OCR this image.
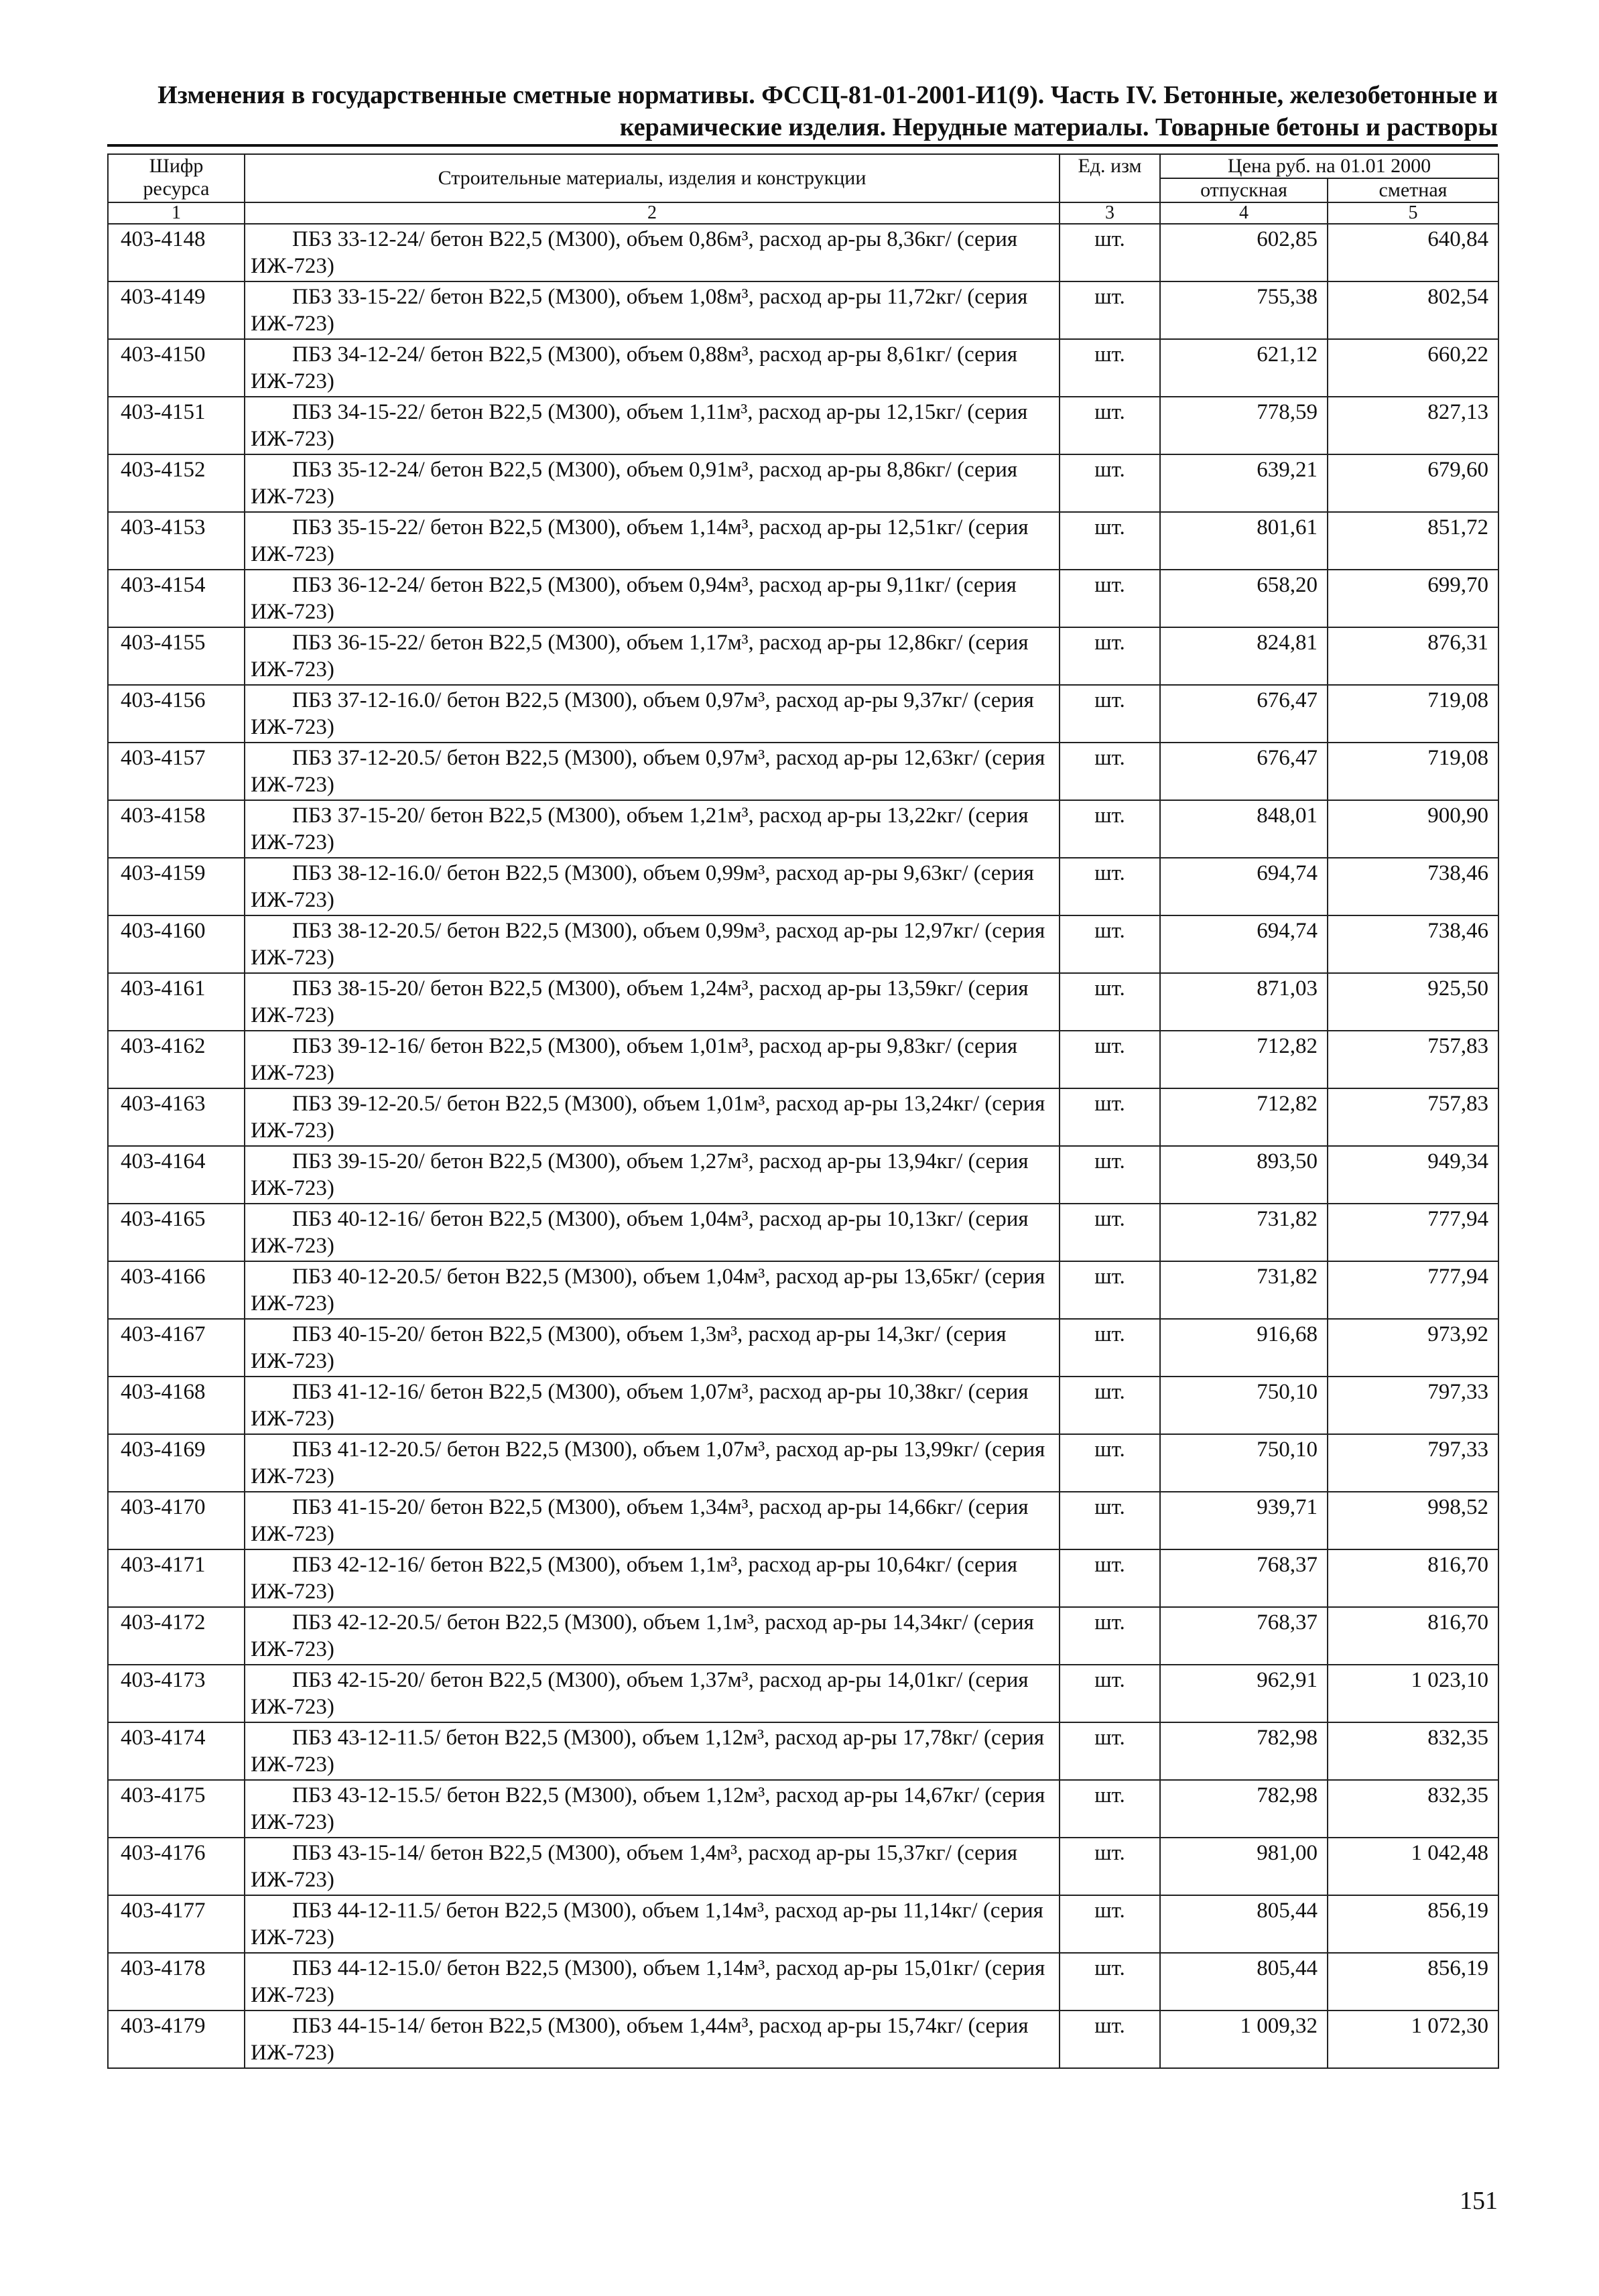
Изменения в государственные сметные нормативы. ФССЦ-81-01-2001-И1(9). Часть IV. Бетонные, железобетонные и
керамические изделия. Нерудные материалы. Товарные бетоны и растворы
Шифр ресурса	Строительные материалы, изделия и конструкции	Ед. изм	Цена руб. на 01.01 2000	
			отпускная	сметная
1	2	3	4	5
403-4148	ПБЗ 33-12-24/ бетон В22,5 (М300), объем 0,86м³, расход ар-ры 8,36кг/ (серия ИЖ-723)	шт.	602,85	640,84
403-4149	ПБЗ 33-15-22/ бетон В22,5 (М300), объем 1,08м³, расход ар-ры 11,72кг/ (серия ИЖ-723)	шт.	755,38	802,54
403-4150	ПБЗ 34-12-24/ бетон В22,5 (М300), объем 0,88м³, расход ар-ры 8,61кг/ (серия ИЖ-723)	шт.	621,12	660,22
403-4151	ПБЗ 34-15-22/ бетон В22,5 (М300), объем 1,11м³, расход ар-ры 12,15кг/ (серия ИЖ-723)	шт.	778,59	827,13
403-4152	ПБЗ 35-12-24/ бетон В22,5 (М300), объем 0,91м³, расход ар-ры 8,86кг/ (серия ИЖ-723)	шт.	639,21	679,60
403-4153	ПБЗ 35-15-22/ бетон В22,5 (М300), объем 1,14м³, расход ар-ры 12,51кг/ (серия ИЖ-723)	шт.	801,61	851,72
403-4154	ПБЗ 36-12-24/ бетон В22,5 (М300), объем 0,94м³, расход ар-ры 9,11кг/ (серия ИЖ-723)	шт.	658,20	699,70
403-4155	ПБЗ 36-15-22/ бетон В22,5 (М300), объем 1,17м³, расход ар-ры 12,86кг/ (серия ИЖ-723)	шт.	824,81	876,31
403-4156	ПБЗ 37-12-16.0/ бетон В22,5 (М300), объем 0,97м³, расход ар-ры 9,37кг/ (серия ИЖ-723)	шт.	676,47	719,08
403-4157	ПБЗ 37-12-20.5/ бетон В22,5 (М300), объем 0,97м³, расход ар-ры 12,63кг/ (серия ИЖ-723)	шт.	676,47	719,08
403-4158	ПБЗ 37-15-20/ бетон В22,5 (М300), объем 1,21м³, расход ар-ры 13,22кг/ (серия ИЖ-723)	шт.	848,01	900,90
403-4159	ПБЗ 38-12-16.0/ бетон В22,5 (М300), объем 0,99м³, расход ар-ры 9,63кг/ (серия ИЖ-723)	шт.	694,74	738,46
403-4160	ПБЗ 38-12-20.5/ бетон В22,5 (М300), объем 0,99м³, расход ар-ры 12,97кг/ (серия ИЖ-723)	шт.	694,74	738,46
403-4161	ПБЗ 38-15-20/ бетон В22,5 (М300), объем 1,24м³, расход ар-ры 13,59кг/ (серия ИЖ-723)	шт.	871,03	925,50
403-4162	ПБЗ 39-12-16/ бетон В22,5 (М300), объем 1,01м³, расход ар-ры 9,83кг/ (серия ИЖ-723)	шт.	712,82	757,83
403-4163	ПБЗ 39-12-20.5/ бетон В22,5 (М300), объем 1,01м³, расход ар-ры 13,24кг/ (серия ИЖ-723)	шт.	712,82	757,83
403-4164	ПБЗ 39-15-20/ бетон В22,5 (М300), объем 1,27м³, расход ар-ры 13,94кг/ (серия ИЖ-723)	шт.	893,50	949,34
403-4165	ПБЗ 40-12-16/ бетон В22,5 (М300), объем 1,04м³, расход ар-ры 10,13кг/ (серия ИЖ-723)	шт.	731,82	777,94
403-4166	ПБЗ 40-12-20.5/ бетон В22,5 (М300), объем 1,04м³, расход ар-ры 13,65кг/ (серия ИЖ-723)	шт.	731,82	777,94
403-4167	ПБЗ 40-15-20/ бетон В22,5 (М300), объем 1,3м³, расход ар-ры 14,3кг/ (серия ИЖ-723)	шт.	916,68	973,92
403-4168	ПБЗ 41-12-16/ бетон В22,5 (М300), объем 1,07м³, расход ар-ры 10,38кг/ (серия ИЖ-723)	шт.	750,10	797,33
403-4169	ПБЗ 41-12-20.5/ бетон В22,5 (М300), объем 1,07м³, расход ар-ры 13,99кг/ (серия ИЖ-723)	шт.	750,10	797,33
403-4170	ПБЗ 41-15-20/ бетон В22,5 (М300), объем 1,34м³, расход ар-ры 14,66кг/ (серия ИЖ-723)	шт.	939,71	998,52
403-4171	ПБЗ 42-12-16/ бетон В22,5 (М300), объем 1,1м³, расход ар-ры 10,64кг/ (серия ИЖ-723)	шт.	768,37	816,70
403-4172	ПБЗ 42-12-20.5/ бетон В22,5 (М300), объем 1,1м³, расход ар-ры 14,34кг/ (серия ИЖ-723)	шт.	768,37	816,70
403-4173	ПБЗ 42-15-20/ бетон В22,5 (М300), объем 1,37м³, расход ар-ры 14,01кг/ (серия ИЖ-723)	шт.	962,91	1 023,10
403-4174	ПБЗ 43-12-11.5/ бетон В22,5 (М300), объем 1,12м³, расход ар-ры 17,78кг/ (серия ИЖ-723)	шт.	782,98	832,35
403-4175	ПБЗ 43-12-15.5/ бетон В22,5 (М300), объем 1,12м³, расход ар-ры 14,67кг/ (серия ИЖ-723)	шт.	782,98	832,35
403-4176	ПБЗ 43-15-14/ бетон В22,5 (М300), объем 1,4м³, расход ар-ры 15,37кг/ (серия ИЖ-723)	шт.	981,00	1 042,48
403-4177	ПБЗ 44-12-11.5/ бетон В22,5 (М300), объем 1,14м³, расход ар-ры 11,14кг/ (серия ИЖ-723)	шт.	805,44	856,19
403-4178	ПБЗ 44-12-15.0/ бетон В22,5 (М300), объем 1,14м³, расход ар-ры 15,01кг/ (серия ИЖ-723)	шт.	805,44	856,19
403-4179	ПБЗ 44-15-14/ бетон В22,5 (М300), объем 1,44м³, расход ар-ры 15,74кг/ (серия ИЖ-723)	шт.	1 009,32	1 072,30
151
